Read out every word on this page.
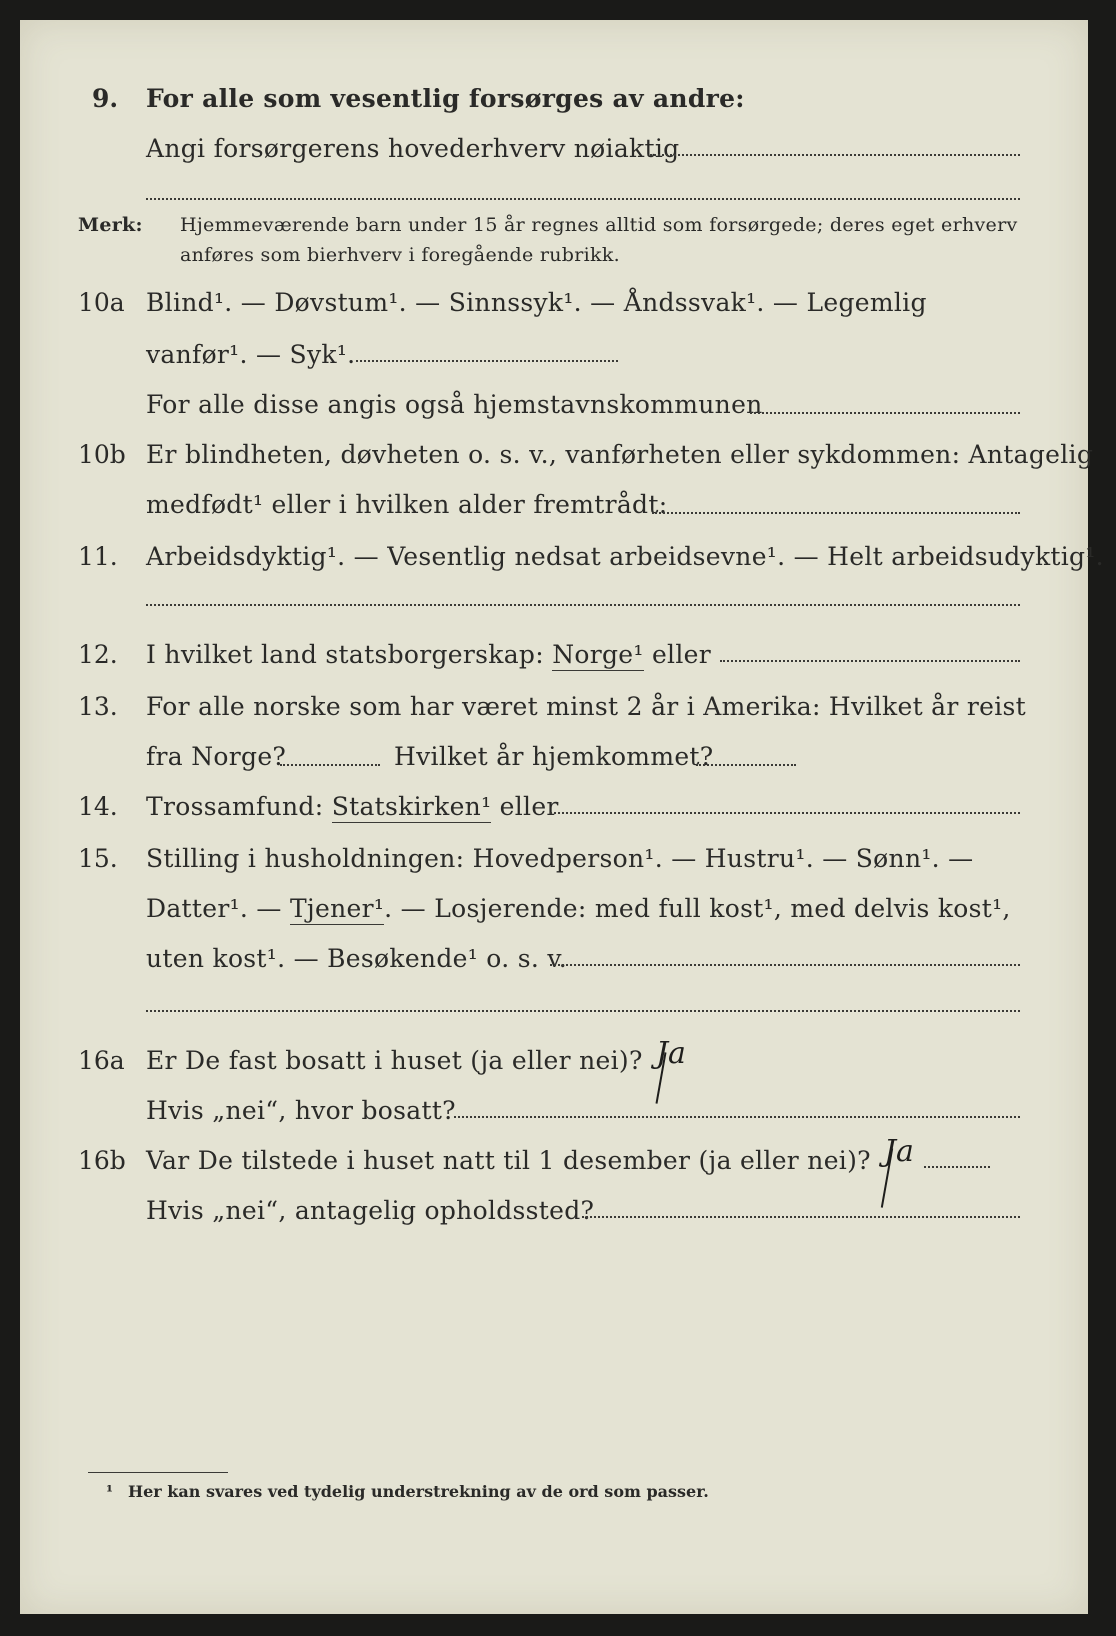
9. For alle som vesentlig forsørges av andre:
Angi forsørgerens hovederhverv nøiaktig
Merk: Hjemmeværende barn under 15 år regnes alltid som forsørgede; deres eget erhverv
anføres som bierhverv i foregående rubrikk.
10a Blind¹. — Døvstum¹. — Sinnssyk¹. — Åndssvak¹. — Legemlig
vanfør¹. — Syk¹.
For alle disse angis også hjemstavnskommunen
10b Er blindheten, døvheten o. s. v., vanførheten eller sykdommen: Antagelig
medfødt¹ eller i hvilken alder fremtrådt:
11. Arbeidsdyktig¹. — Vesentlig nedsat arbeidsevne¹. — Helt arbeidsudyktig¹.
12. I hvilket land statsborgerskap: Norge¹ eller
13. For alle norske som har været minst 2 år i Amerika: Hvilket år reist
fra Norge?	Hvilket år hjemkommet?
14. Trossamfund: Statskirken¹ eller
15. Stilling i husholdningen: Hovedperson¹. — Hustru¹. — Sønn¹. —
Datter¹. — Tjener¹. — Losjerende: med full kost¹, med delvis kost¹,
uten kost¹. — Besøkende¹ o. s. v.
16a Er De fast bosatt i huset (ja eller nei)? Ja
Hvis „nei“, hvor bosatt?
16b Var De tilstede i huset natt til 1 desember (ja eller nei)? Ja
Hvis „nei“, antagelig opholdssted?
¹ Her kan svares ved tydelig understrekning av de ord som passer.
